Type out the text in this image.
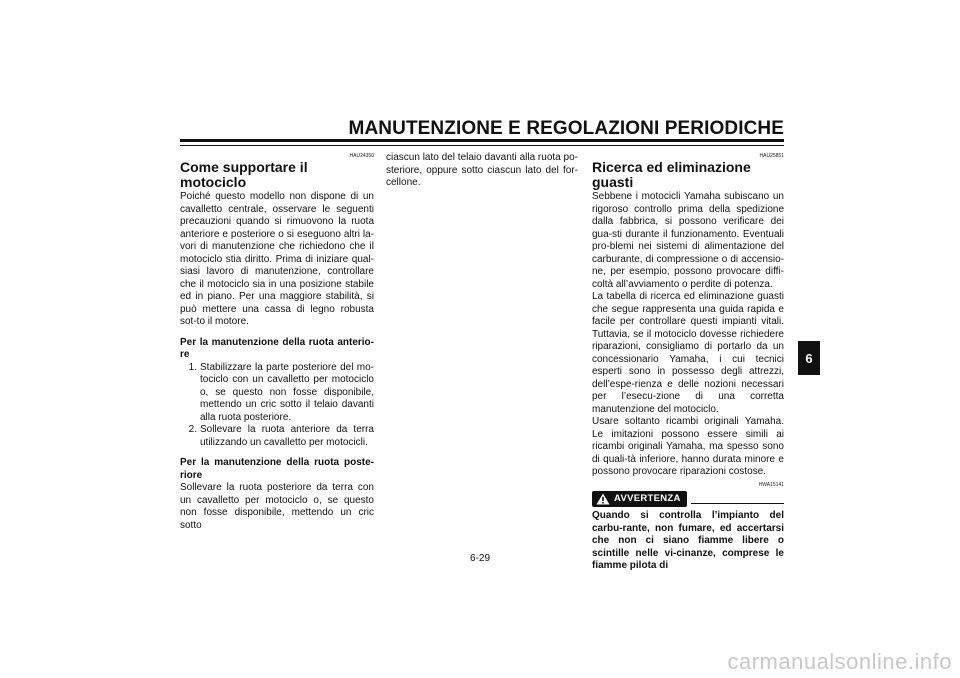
MANUTENZIONE E REGOLAZIONI PERIODICHE
6
HAU24350
Come supportare il motociclo

Poiché questo modello non dispone di un cavalletto centrale, osservare le seguenti precauzioni quando si rimuovono la ruota anteriore e posteriore o si eseguono altri la-vori di manutenzione che richiedono che il motociclo stia diritto. Prima di iniziare qual-siasi lavoro di manutenzione, controllare che il motociclo sia in una posizione stabile ed in piano. Per una maggiore stabilità, si può mettere una cassa di legno robusta sot-to il motore.

Per la manutenzione della ruota anterio-re

1. Stabilizzare la parte posteriore del mo-tociclo con un cavalletto per motociclo o, se questo non fosse disponibile, mettendo un cric sotto il telaio davanti alla ruota posteriore.
2. Sollevare la ruota anteriore da terra utilizzando un cavalletto per motocicli.

Per la manutenzione della ruota poste-riore

Sollevare la ruota posteriore da terra con un cavalletto per motociclo o, se questo non fosse disponibile, mettendo un cric sotto

ciascun lato del telaio davanti alla ruota po-steriore, oppure sotto ciascun lato del for-cellone.

HAU25851
Ricerca ed eliminazione guasti

Sebbene i motocicli Yamaha subiscano un rigoroso controllo prima della spedizione dalla fabbrica, si possono verificare dei gua-sti durante il funzionamento. Eventuali pro-blemi nei sistemi di alimentazione del carburante, di compressione o di accensio-ne, per esempio, possono provocare diffi-coltà all’avviamento o perdite di potenza.

La tabella di ricerca ed eliminazione guasti che segue rappresenta una guida rapida e facile per controllare questi impianti vitali. Tuttavia, se il motociclo dovesse richiedere riparazioni, consigliamo di portarlo da un concessionario Yamaha, i cui tecnici esperti sono in possesso degli attrezzi, dell’espe-rienza e delle nozioni necessari per l’esecu-zione di una corretta manutenzione del motociclo.

Usare soltanto ricambi originali Yamaha. Le imitazioni possono essere simili ai ricambi originali Yamaha, ma spesso sono di quali-tà inferiore, hanno durata minore e possono provocare riparazioni costose.

HWA15141
AVVERTENZA

Quando si controlla l’impianto del carbu-rante, non fumare, ed accertarsi che non ci siano fiamme libere o scintille nelle vi-cinanze, comprese le fiamme pilota di

6-29
carmanualsonline.info
